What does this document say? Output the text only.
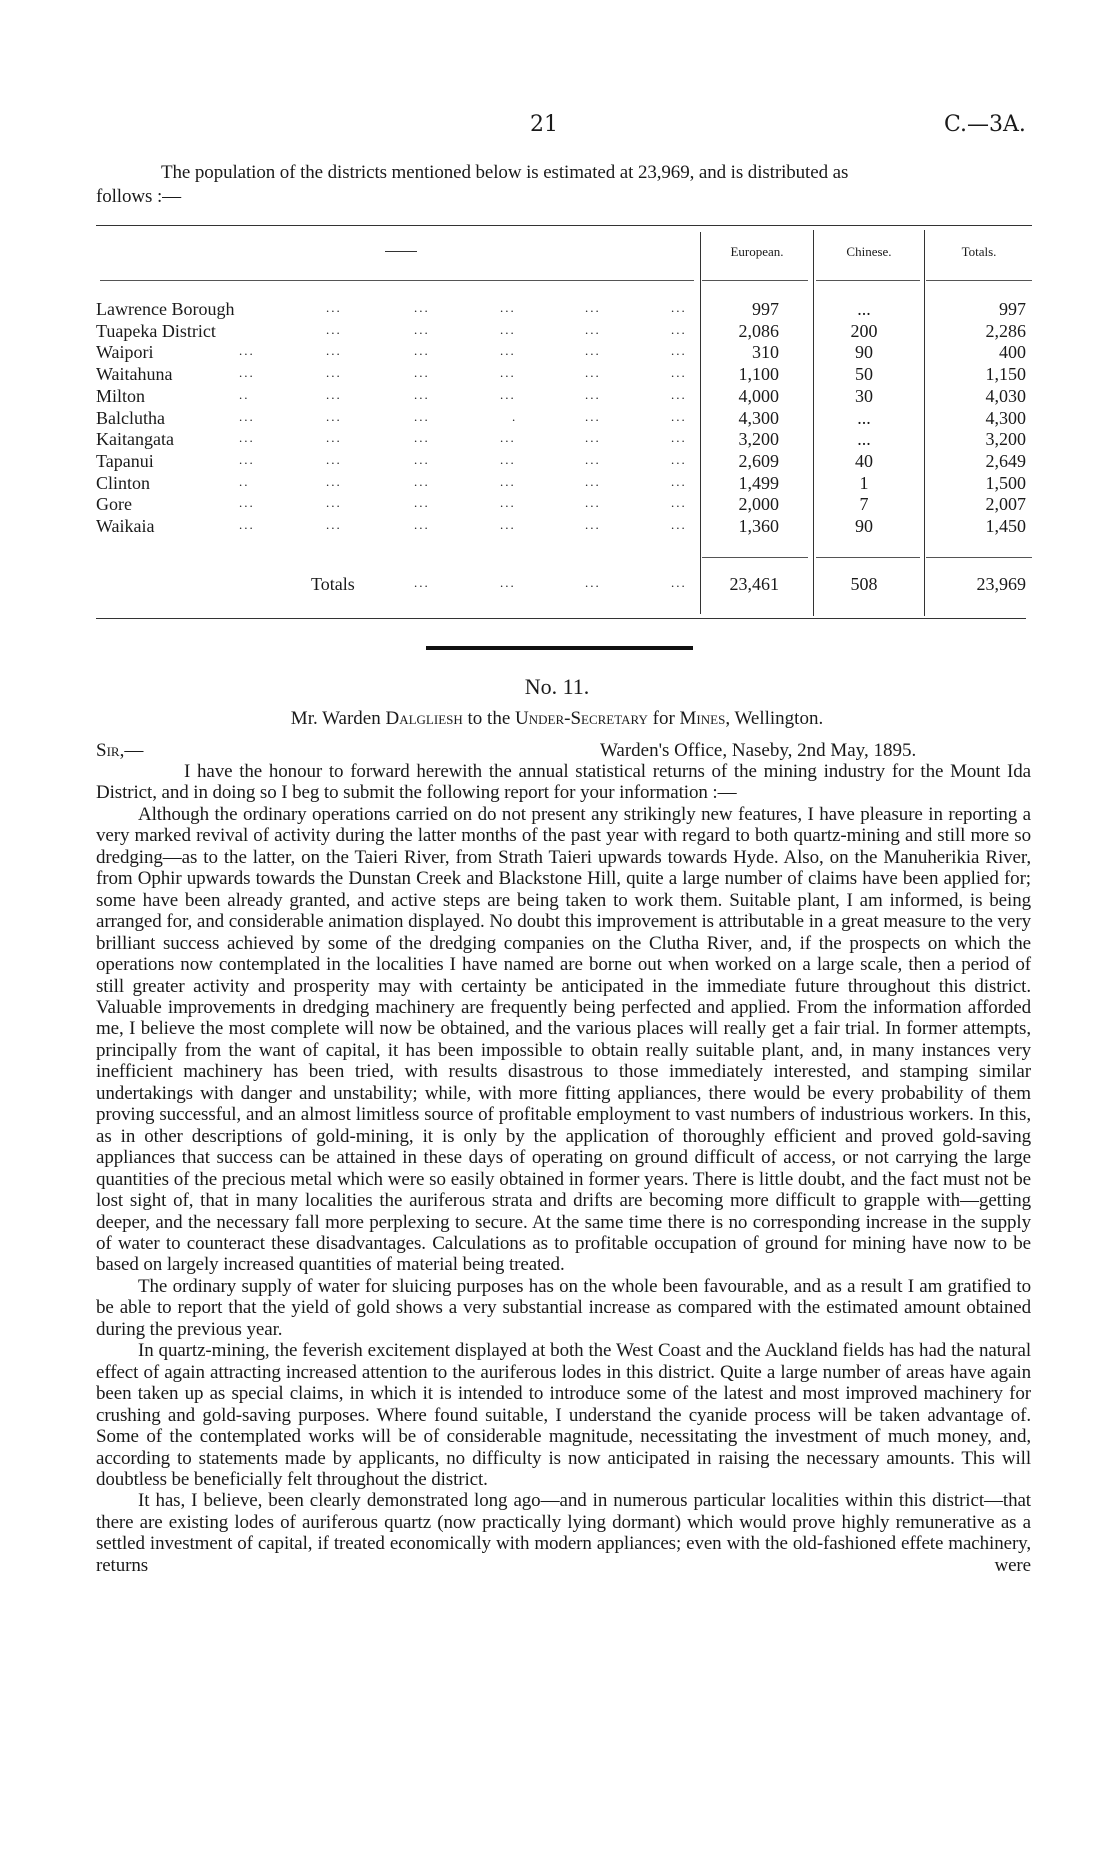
21	C.—3A.
The population of the districts mentioned below is estimated at 23,969, and is distributed as
follows :—
European.	Chinese.	Totals.
Lawrence Borough	...	...	...	...	...	997	...	997
Tuapeka District	...	...	...	...	...	2,086	200	2,286
Waipori	...	...	...	...	...	...	310	90	400
Waitahuna	...	...	...	...	...	...	1,100	50	1,150
Milton	..	...	...	...	...	...	4,000	30	4,030
Balclutha	...	...	...	.	...	...	4,300	...	4,300
Kaitangata	...	...	...	...	...	...	3,200	...	3,200
Tapanui	...	...	...	...	...	...	2,609	40	2,649
Clinton	..	...	...	...	...	...	1,499	1	1,500
Gore	...	...	...	...	...	...	2,000	7	2,007
Waikaia	...	...	...	...	...	...	1,360	90	1,450
Totals	...	...	...	...	23,461	508	23,969
No. 11.
Mr. Warden Dalgliesh to the Under-Secretary for Mines, Wellington.
Sir,—	Warden's Office, Naseby, 2nd May, 1895.

I have the honour to forward herewith the annual statistical returns of the mining industry for the Mount Ida District, and in doing so I beg to submit the following report for your information :—

Although the ordinary operations carried on do not present any strikingly new features, I have pleasure in reporting a very marked revival of activity during the latter months of the past year with regard to both quartz-mining and still more so dredging—as to the latter, on the Taieri River, from Strath Taieri upwards towards Hyde. Also, on the Manuherikia River, from Ophir upwards towards the Dunstan Creek and Blackstone Hill, quite a large number of claims have been applied for; some have been already granted, and active steps are being taken to work them. Suitable plant, I am informed, is being arranged for, and considerable animation displayed. No doubt this improvement is attributable in a great measure to the very brilliant success achieved by some of the dredging companies on the Clutha River, and, if the prospects on which the operations now contemplated in the localities I have named are borne out when worked on a large scale, then a period of still greater activity and prosperity may with certainty be anticipated in the immediate future throughout this district. Valuable improvements in dredging machinery are frequently being perfected and applied. From the information afforded me, I believe the most complete will now be obtained, and the various places will really get a fair trial. In former attempts, principally from the want of capital, it has been impossible to obtain really suitable plant, and, in many instances very inefficient machinery has been tried, with results disastrous to those immediately interested, and stamping similar undertakings with danger and unstability; while, with more fitting appliances, there would be every probability of them proving successful, and an almost limitless source of profitable employment to vast numbers of industrious workers. In this, as in other descriptions of gold-mining, it is only by the application of thoroughly efficient and proved gold-saving appliances that success can be attained in these days of operating on ground difficult of access, or not carrying the large quantities of the precious metal which were so easily obtained in former years. There is little doubt, and the fact must not be lost sight of, that in many localities the auriferous strata and drifts are becoming more difficult to grapple with—getting deeper, and the necessary fall more perplexing to secure. At the same time there is no corresponding increase in the supply of water to counteract these disadvantages. Calculations as to profitable occupation of ground for mining have now to be based on largely increased quantities of material being treated.

The ordinary supply of water for sluicing purposes has on the whole been favourable, and as a result I am gratified to be able to report that the yield of gold shows a very substantial increase as compared with the estimated amount obtained during the previous year.

In quartz-mining, the feverish excitement displayed at both the West Coast and the Auckland fields has had the natural effect of again attracting increased attention to the auriferous lodes in this district. Quite a large number of areas have again been taken up as special claims, in which it is intended to introduce some of the latest and most improved machinery for crushing and gold-saving purposes. Where found suitable, I understand the cyanide process will be taken advantage of. Some of the contemplated works will be of considerable magnitude, necessitating the investment of much money, and, according to statements made by applicants, no difficulty is now anticipated in raising the necessary amounts. This will doubtless be beneficially felt throughout the district.

It has, I believe, been clearly demonstrated long ago—and in numerous particular localities within this district—that there are existing lodes of auriferous quartz (now practically lying dormant) which would prove highly remunerative as a settled investment of capital, if treated economically with modern appliances; even with the old-fashioned effete machinery, returns were
